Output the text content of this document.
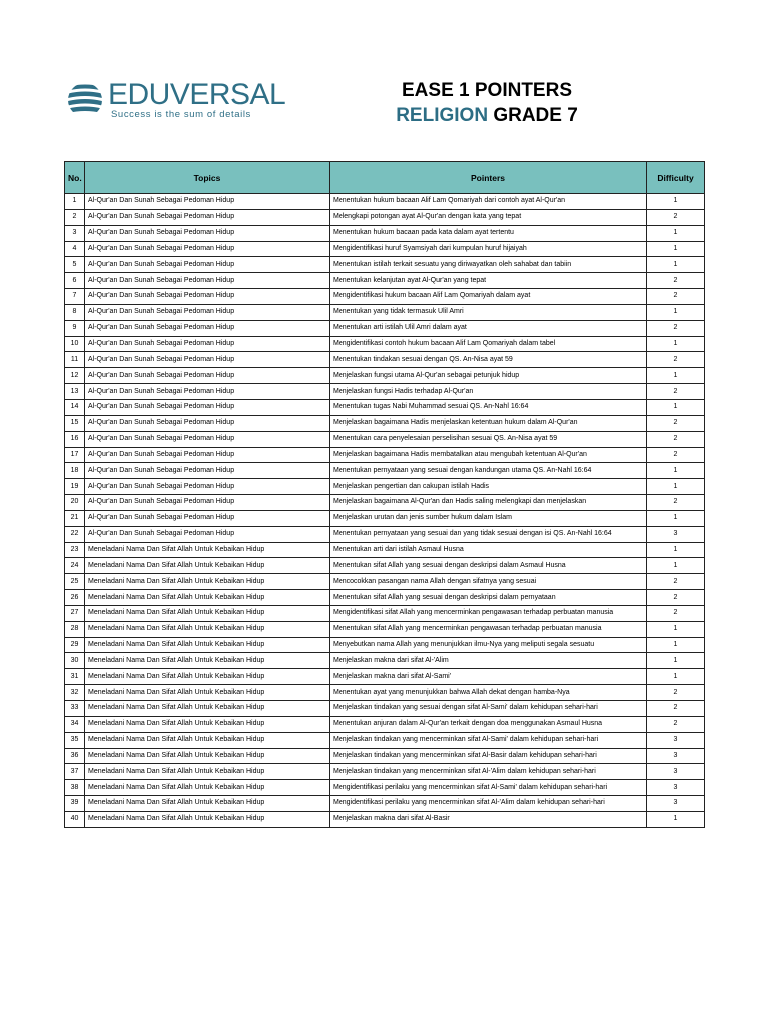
EDUVERSAL
Success is the sum of details
EASE 1 POINTERS
RELIGION GRADE 7
No.	Topics	Pointers	Difficulty
1	Al-Qur'an Dan Sunah Sebagai Pedoman Hidup	Menentukan hukum bacaan Alif Lam Qomariyah dari contoh ayat Al-Qur'an	1
2	Al-Qur'an Dan Sunah Sebagai Pedoman Hidup	Melengkapi potongan ayat Al-Qur'an dengan kata yang tepat	2
3	Al-Qur'an Dan Sunah Sebagai Pedoman Hidup	Menentukan hukum bacaan pada kata dalam ayat tertentu	1
4	Al-Qur'an Dan Sunah Sebagai Pedoman Hidup	Mengidentifikasi huruf Syamsiyah dari kumpulan huruf hijaiyah	1
5	Al-Qur'an Dan Sunah Sebagai Pedoman Hidup	Menentukan istilah terkait sesuatu yang diriwayatkan oleh sahabat dan tabiin	1
6	Al-Qur'an Dan Sunah Sebagai Pedoman Hidup	Menentukan kelanjutan ayat Al-Qur'an yang tepat	2
7	Al-Qur'an Dan Sunah Sebagai Pedoman Hidup	Mengidentifikasi hukum bacaan Alif Lam Qomariyah dalam ayat	2
8	Al-Qur'an Dan Sunah Sebagai Pedoman Hidup	Menentukan yang tidak termasuk Ulil Amri	1
9	Al-Qur'an Dan Sunah Sebagai Pedoman Hidup	Menentukan arti istilah Ulil Amri dalam ayat	2
10	Al-Qur'an Dan Sunah Sebagai Pedoman Hidup	Mengidentifikasi contoh hukum bacaan Alif Lam Qomariyah dalam tabel	1
11	Al-Qur'an Dan Sunah Sebagai Pedoman Hidup	Menentukan tindakan sesuai dengan QS. An-Nisa ayat 59	2
12	Al-Qur'an Dan Sunah Sebagai Pedoman Hidup	Menjelaskan fungsi utama Al-Qur'an sebagai petunjuk hidup	1
13	Al-Qur'an Dan Sunah Sebagai Pedoman Hidup	Menjelaskan fungsi Hadis terhadap Al-Qur'an	2
14	Al-Qur'an Dan Sunah Sebagai Pedoman Hidup	Menentukan tugas Nabi Muhammad sesuai QS. An-Nahl 16:64	1
15	Al-Qur'an Dan Sunah Sebagai Pedoman Hidup	Menjelaskan bagaimana Hadis menjelaskan ketentuan hukum dalam Al-Qur'an	2
16	Al-Qur'an Dan Sunah Sebagai Pedoman Hidup	Menentukan cara penyelesaian perselisihan sesuai QS. An-Nisa ayat 59	2
17	Al-Qur'an Dan Sunah Sebagai Pedoman Hidup	Menjelaskan bagaimana Hadis membatalkan atau mengubah ketentuan Al-Qur'an	2
18	Al-Qur'an Dan Sunah Sebagai Pedoman Hidup	Menentukan pernyataan yang sesuai dengan kandungan utama QS. An-Nahl 16:64	1
19	Al-Qur'an Dan Sunah Sebagai Pedoman Hidup	Menjelaskan pengertian dan cakupan istilah Hadis	1
20	Al-Qur'an Dan Sunah Sebagai Pedoman Hidup	Menjelaskan bagaimana Al-Qur'an dan Hadis saling melengkapi dan menjelaskan	2
21	Al-Qur'an Dan Sunah Sebagai Pedoman Hidup	Menjelaskan urutan dan jenis sumber hukum dalam Islam	1
22	Al-Qur'an Dan Sunah Sebagai Pedoman Hidup	Menentukan pernyataan yang sesuai dan yang tidak sesuai dengan isi QS. An-Nahl 16:64	3
23	Meneladani Nama Dan Sifat Allah Untuk Kebaikan Hidup	Menentukan arti dari istilah Asmaul Husna	1
24	Meneladani Nama Dan Sifat Allah Untuk Kebaikan Hidup	Menentukan sifat Allah yang sesuai dengan deskripsi dalam Asmaul Husna	1
25	Meneladani Nama Dan Sifat Allah Untuk Kebaikan Hidup	Mencocokkan pasangan nama Allah dengan sifatnya yang sesuai	2
26	Meneladani Nama Dan Sifat Allah Untuk Kebaikan Hidup	Menentukan sifat Allah yang sesuai dengan deskripsi dalam pernyataan	2
27	Meneladani Nama Dan Sifat Allah Untuk Kebaikan Hidup	Mengidentifikasi sifat Allah yang mencerminkan pengawasan terhadap perbuatan manusia	2
28	Meneladani Nama Dan Sifat Allah Untuk Kebaikan Hidup	Menentukan sifat Allah yang mencerminkan pengawasan terhadap perbuatan manusia	1
29	Meneladani Nama Dan Sifat Allah Untuk Kebaikan Hidup	Menyebutkan nama Allah yang menunjukkan ilmu-Nya yang meliputi segala sesuatu	1
30	Meneladani Nama Dan Sifat Allah Untuk Kebaikan Hidup	Menjelaskan makna dari sifat Al-'Alim	1
31	Meneladani Nama Dan Sifat Allah Untuk Kebaikan Hidup	Menjelaskan makna dari sifat Al-Sami'	1
32	Meneladani Nama Dan Sifat Allah Untuk Kebaikan Hidup	Menentukan ayat yang menunjukkan bahwa Allah dekat dengan hamba-Nya	2
33	Meneladani Nama Dan Sifat Allah Untuk Kebaikan Hidup	Menjelaskan tindakan yang sesuai dengan sifat Al-Sami' dalam kehidupan sehari-hari	2
34	Meneladani Nama Dan Sifat Allah Untuk Kebaikan Hidup	Menentukan anjuran dalam Al-Qur'an terkait dengan doa menggunakan Asmaul Husna	2
35	Meneladani Nama Dan Sifat Allah Untuk Kebaikan Hidup	Menjelaskan tindakan yang mencerminkan sifat Al-Sami' dalam kehidupan sehari-hari	3
36	Meneladani Nama Dan Sifat Allah Untuk Kebaikan Hidup	Menjelaskan tindakan yang mencerminkan sifat Al-Basir dalam kehidupan sehari-hari	3
37	Meneladani Nama Dan Sifat Allah Untuk Kebaikan Hidup	Menjelaskan tindakan yang mencerminkan sifat Al-'Alim dalam kehidupan sehari-hari	3
38	Meneladani Nama Dan Sifat Allah Untuk Kebaikan Hidup	Mengidentifikasi perilaku yang mencerminkan sifat Al-Sami' dalam kehidupan sehari-hari	3
39	Meneladani Nama Dan Sifat Allah Untuk Kebaikan Hidup	Mengidentifikasi perilaku yang mencerminkan sifat Al-'Alim dalam kehidupan sehari-hari	3
40	Meneladani Nama Dan Sifat Allah Untuk Kebaikan Hidup	Menjelaskan makna dari sifat Al-Basir	1
